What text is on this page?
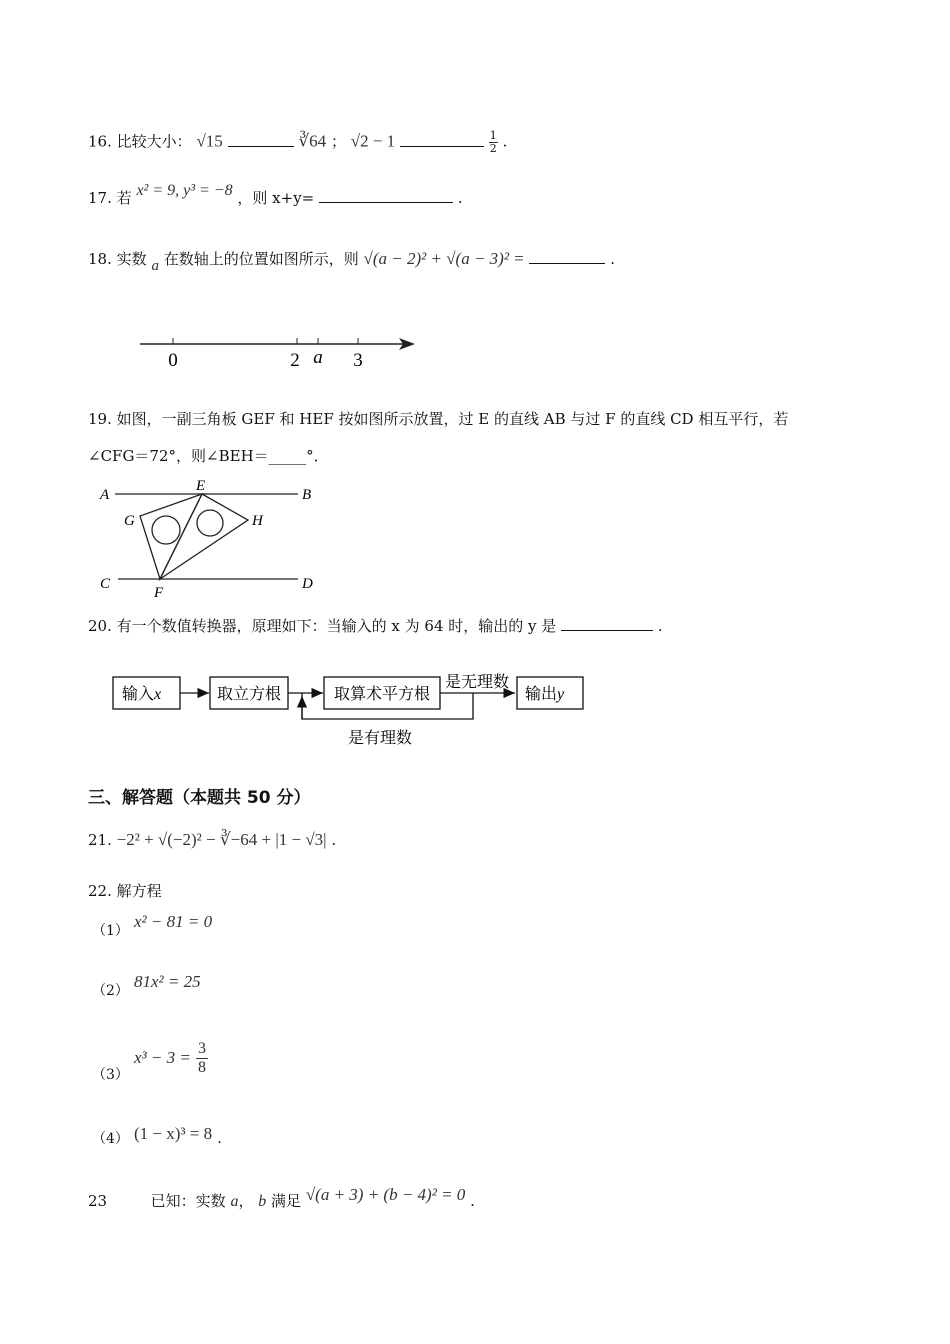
16. 比较大小： √15	∛64 ； √2 − 1	$\frac{1}{2}$ .
17. 若 x² = 9, y³ = −8 ，则 x+y=	.
18. 实数 a 在数轴上的位置如图所示，则 √(a − 2)² + √(a − 3)² =	.
0	2 a 3
19. 如图，一副三角板 GEF 和 HEF 按如图所示放置，过 E 的直线 AB 与过 F 的直线 CD 相互平行，若
∠CFG＝72°，则∠BEH＝_____°．
A
E
B
G	H
C
F
D
20. 有一个数值转换器，原理如下：当输入的 x 为 64 时，输出的 y 是	.
输入x	取立方根	取算术平方根
是无理数
输出y
是有理数
三、解答题（本题共 50 分）
21. −2² + √(−2)² − ∛−64 + |1 − √3| .
22. 解方程
（1） x² − 81 = 0
（2） 81x² = 25
（3） $x^3 - 3 = \frac{3}{8}$
（4） (1 − x)³ = 8 .
23	已知：实数 a， b 满足 √(a + 3) + (b − 4)² = 0 .
